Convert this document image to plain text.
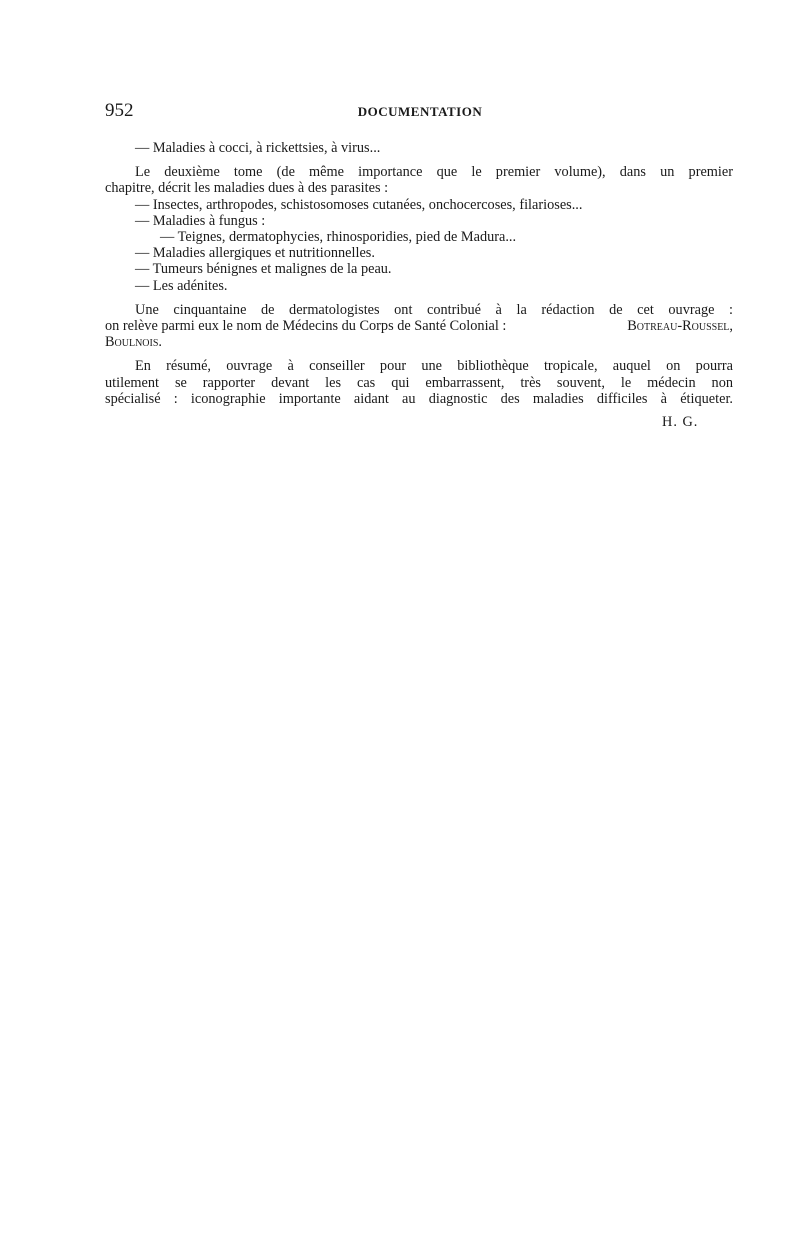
952	DOCUMENTATION
— Maladies à cocci, à rickettsies, à virus...
Le deuxième tome (de même importance que le premier volume), dans un premier
chapitre, décrit les maladies dues à des parasites :
— Insectes, arthropodes, schistosomoses cutanées, onchocercoses, filarioses...
— Maladies à fungus :
— Teignes, dermatophycies, rhinosporidies, pied de Madura...
— Maladies allergiques et nutritionnelles.
— Tumeurs bénignes et malignes de la peau.
— Les adénites.
Une cinquantaine de dermatologistes ont contribué à la rédaction de cet ouvrage :
on relève parmi eux le nom de Médecins du Corps de Santé Colonial :	Botreau-Roussel,
Boulnois.
En résumé, ouvrage à conseiller pour une bibliothèque tropicale, auquel on pourra
utilement se rapporter devant les cas qui embarrassent, très souvent, le médecin non
spécialisé : iconographie importante aidant au diagnostic des maladies difficiles à étiqueter.
H. G.
